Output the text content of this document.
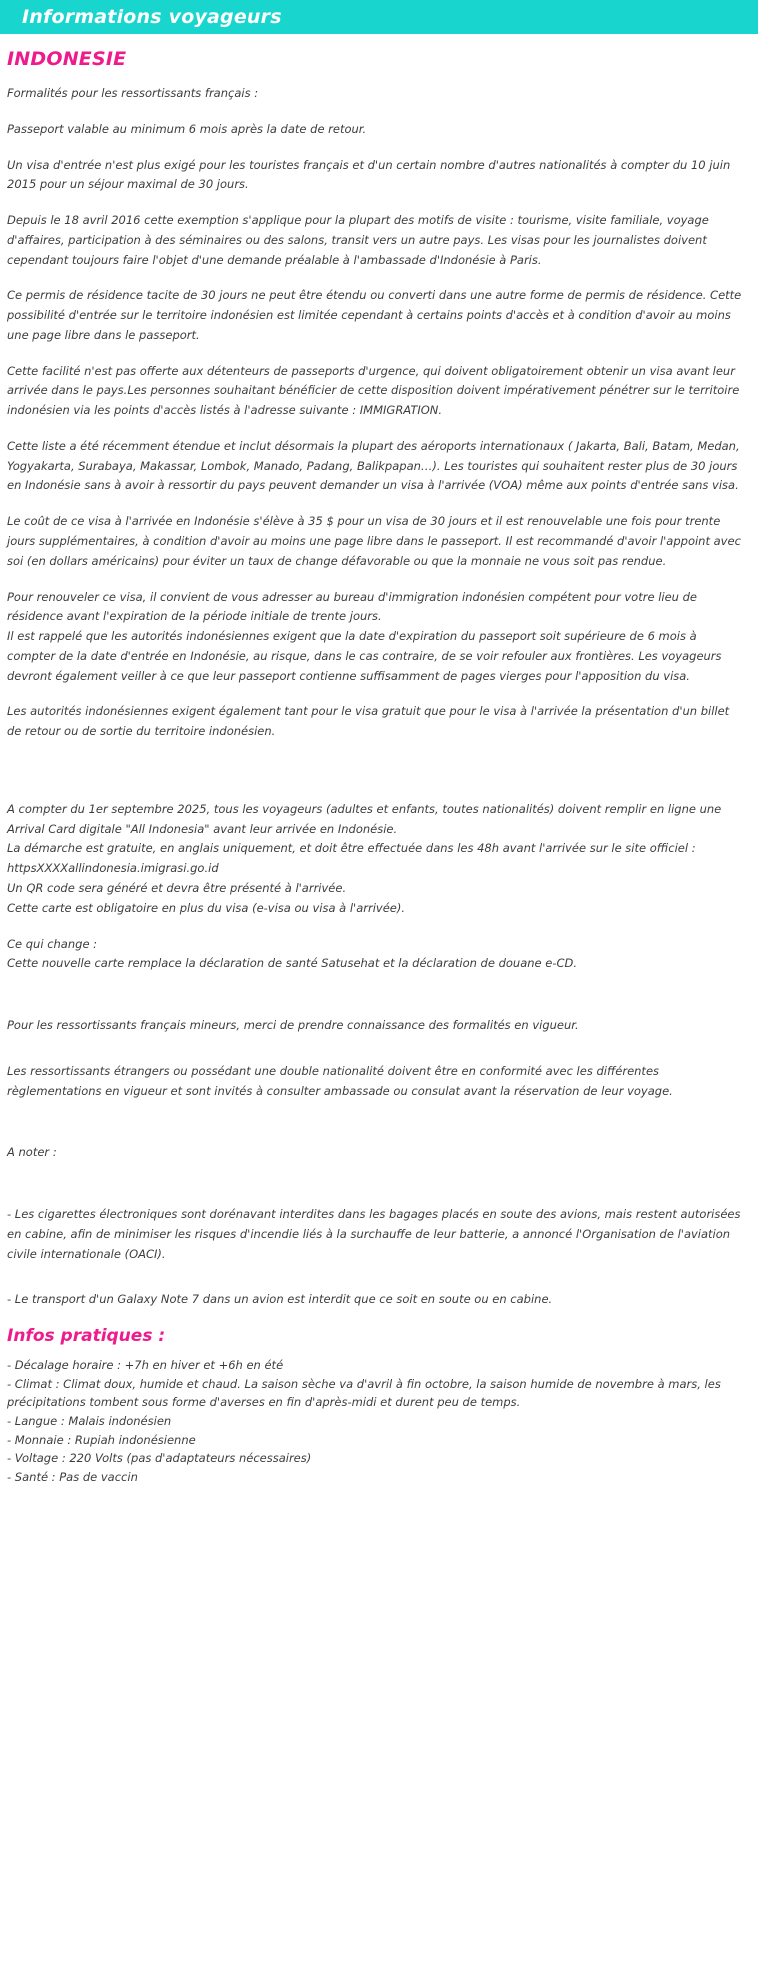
Informations voyageurs
INDONESIE

Formalités pour les ressortissants français :

Passeport valable au minimum 6 mois après la date de retour.

Un visa d'entrée n'est plus exigé pour les touristes français et d'un certain nombre d'autres nationalités à compter du 10 juin 2015 pour un séjour maximal de 30 jours.

Depuis le 18 avril 2016 cette exemption s'applique pour la plupart des motifs de visite : tourisme, visite familiale, voyage d'affaires, participation à des séminaires ou des salons, transit vers un autre pays. Les visas pour les journalistes doivent cependant toujours faire l'objet d'une demande préalable à l'ambassade d'Indonésie à Paris.

Ce permis de résidence tacite de 30 jours ne peut être étendu ou converti dans une autre forme de permis de résidence. Cette possibilité d'entrée sur le territoire indonésien est limitée cependant à certains points d'accès et à condition d'avoir au moins une page libre dans le passeport.

Cette facilité n'est pas offerte aux détenteurs de passeports d'urgence, qui doivent obligatoirement obtenir un visa avant leur arrivée dans le pays.Les personnes souhaitant bénéficier de cette disposition doivent impérativement pénétrer sur le territoire indonésien via les points d'accès listés à l'adresse suivante : IMMIGRATION.

Cette liste a été récemment étendue et inclut désormais la plupart des aéroports internationaux ( Jakarta, Bali, Batam, Medan, Yogyakarta, Surabaya, Makassar, Lombok, Manado, Padang, Balikpapan…). Les touristes qui souhaitent rester plus de 30 jours en Indonésie sans à avoir à ressortir du pays peuvent demander un visa à l'arrivée (VOA) même aux points d'entrée sans visa.

Le coût de ce visa à l'arrivée en Indonésie s'élève à 35 $ pour un visa de 30 jours et il est renouvelable une fois pour trente jours supplémentaires, à condition d'avoir au moins une page libre dans le passeport. Il est recommandé d'avoir l'appoint avec soi (en dollars américains) pour éviter un taux de change défavorable ou que la monnaie ne vous soit pas rendue.

Pour renouveler ce visa, il convient de vous adresser au bureau d'immigration indonésien compétent pour votre lieu de résidence avant l'expiration de la période initiale de trente jours.

Il est rappelé que les autorités indonésiennes exigent que la date d'expiration du passeport soit supérieure de 6 mois à compter de la date d'entrée en Indonésie, au risque, dans le cas contraire, de se voir refouler aux frontières. Les voyageurs devront également veiller à ce que leur passeport contienne suffisamment de pages vierges pour l'apposition du visa.

Les autorités indonésiennes exigent également tant pour le visa gratuit que pour le visa à l'arrivée la présentation d'un billet de retour ou de sortie du territoire indonésien.

A compter du 1er septembre 2025, tous les voyageurs (adultes et enfants, toutes nationalités) doivent remplir en ligne une Arrival Card digitale "All Indonesia" avant leur arrivée en Indonésie.

La démarche est gratuite, en anglais uniquement, et doit être effectuée dans les 48h avant l'arrivée sur le site officiel : httpsXXXXallindonesia.imigrasi.go.id

Un QR code sera généré et devra être présenté à l'arrivée.

Cette carte est obligatoire en plus du visa (e-visa ou visa à l'arrivée).

Ce qui change :

Cette nouvelle carte remplace la déclaration de santé Satusehat et la déclaration de douane e-CD.

Pour les ressortissants français mineurs, merci de prendre connaissance des formalités en vigueur.

Les ressortissants étrangers ou possédant une double nationalité doivent être en conformité avec les différentes règlementations en vigueur et sont invités à consulter ambassade ou consulat avant la réservation de leur voyage.

A noter :

- Les cigarettes électroniques sont dorénavant interdites dans les bagages placés en soute des avions, mais restent autorisées en cabine, afin de minimiser les risques d'incendie liés à la surchauffe de leur batterie, a annoncé l'Organisation de l'aviation civile internationale (OACI).

- Le transport d'un Galaxy Note 7 dans un avion est interdit que ce soit en soute ou en cabine.

Infos pratiques :

- Décalage horaire : +7h en hiver et +6h en été

- Climat : Climat doux, humide et chaud. La saison sèche va d'avril à fin octobre, la saison humide de novembre à mars, les précipitations tombent sous forme d'averses en fin d'après-midi et durent peu de temps.

- Langue : Malais indonésien

- Monnaie : Rupiah indonésienne

- Voltage : 220 Volts (pas d'adaptateurs nécessaires)

- Santé : Pas de vaccin
